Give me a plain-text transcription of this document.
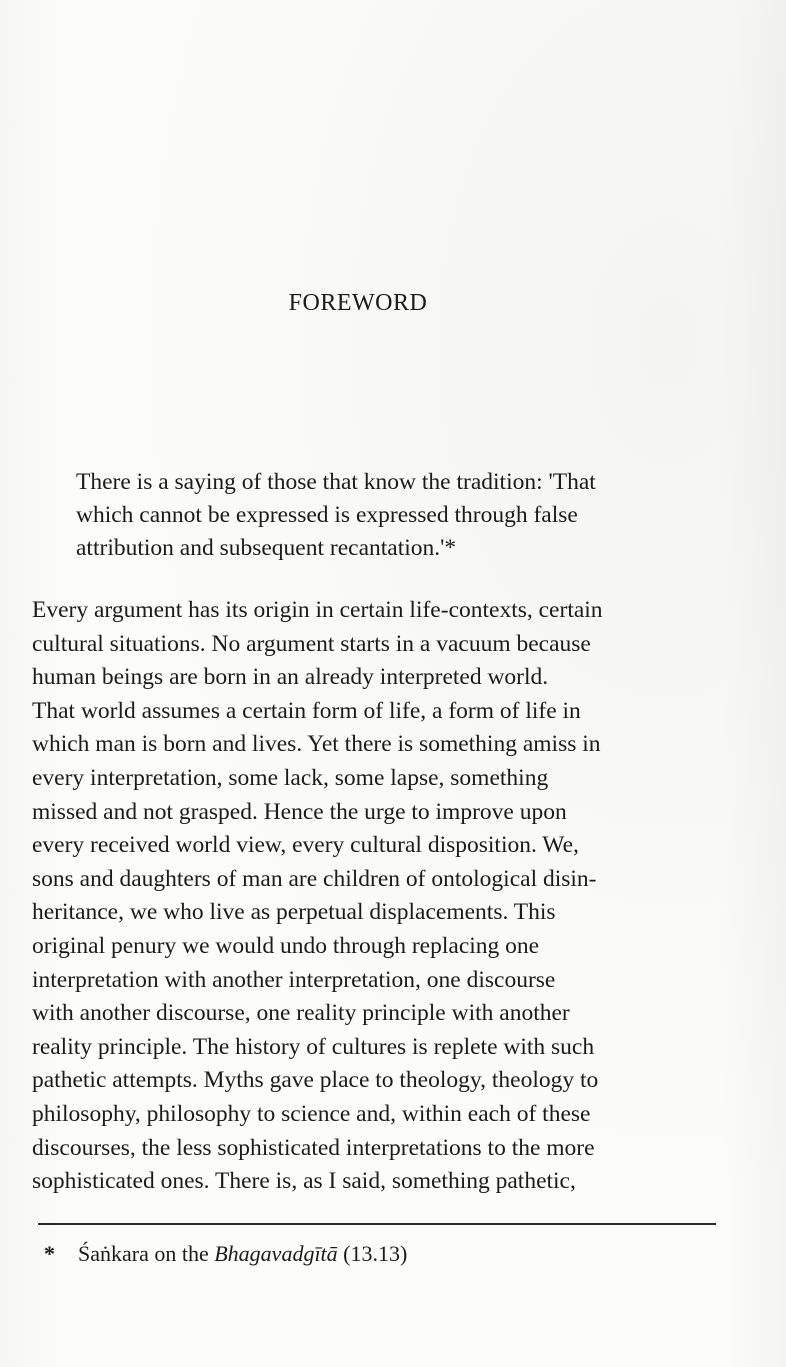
FOREWORD
There is a saying of those that know the tradition: 'That
which cannot be expressed is expressed through false
attribution and subsequent recantation.'*
Every argument has its origin in certain life-contexts, certain
cultural situations. No argument starts in a vacuum because
human beings are born in an already interpreted world.
That world assumes a certain form of life, a form of life in
which man is born and lives. Yet there is something amiss in
every interpretation, some lack, some lapse, something
missed and not grasped. Hence the urge to improve upon
every received world view, every cultural disposition. We,
sons and daughters of man are children of ontological disin-
heritance, we who live as perpetual displacements. This
original penury we would undo through replacing one
interpretation with another interpretation, one discourse
with another discourse, one reality principle with another
reality principle. The history of cultures is replete with such
pathetic attempts. Myths gave place to theology, theology to
philosophy, philosophy to science and, within each of these
discourses, the less sophisticated interpretations to the more
sophisticated ones. There is, as I said, something pathetic,
* Śaṅkara on the Bhagavadgītā (13.13)
